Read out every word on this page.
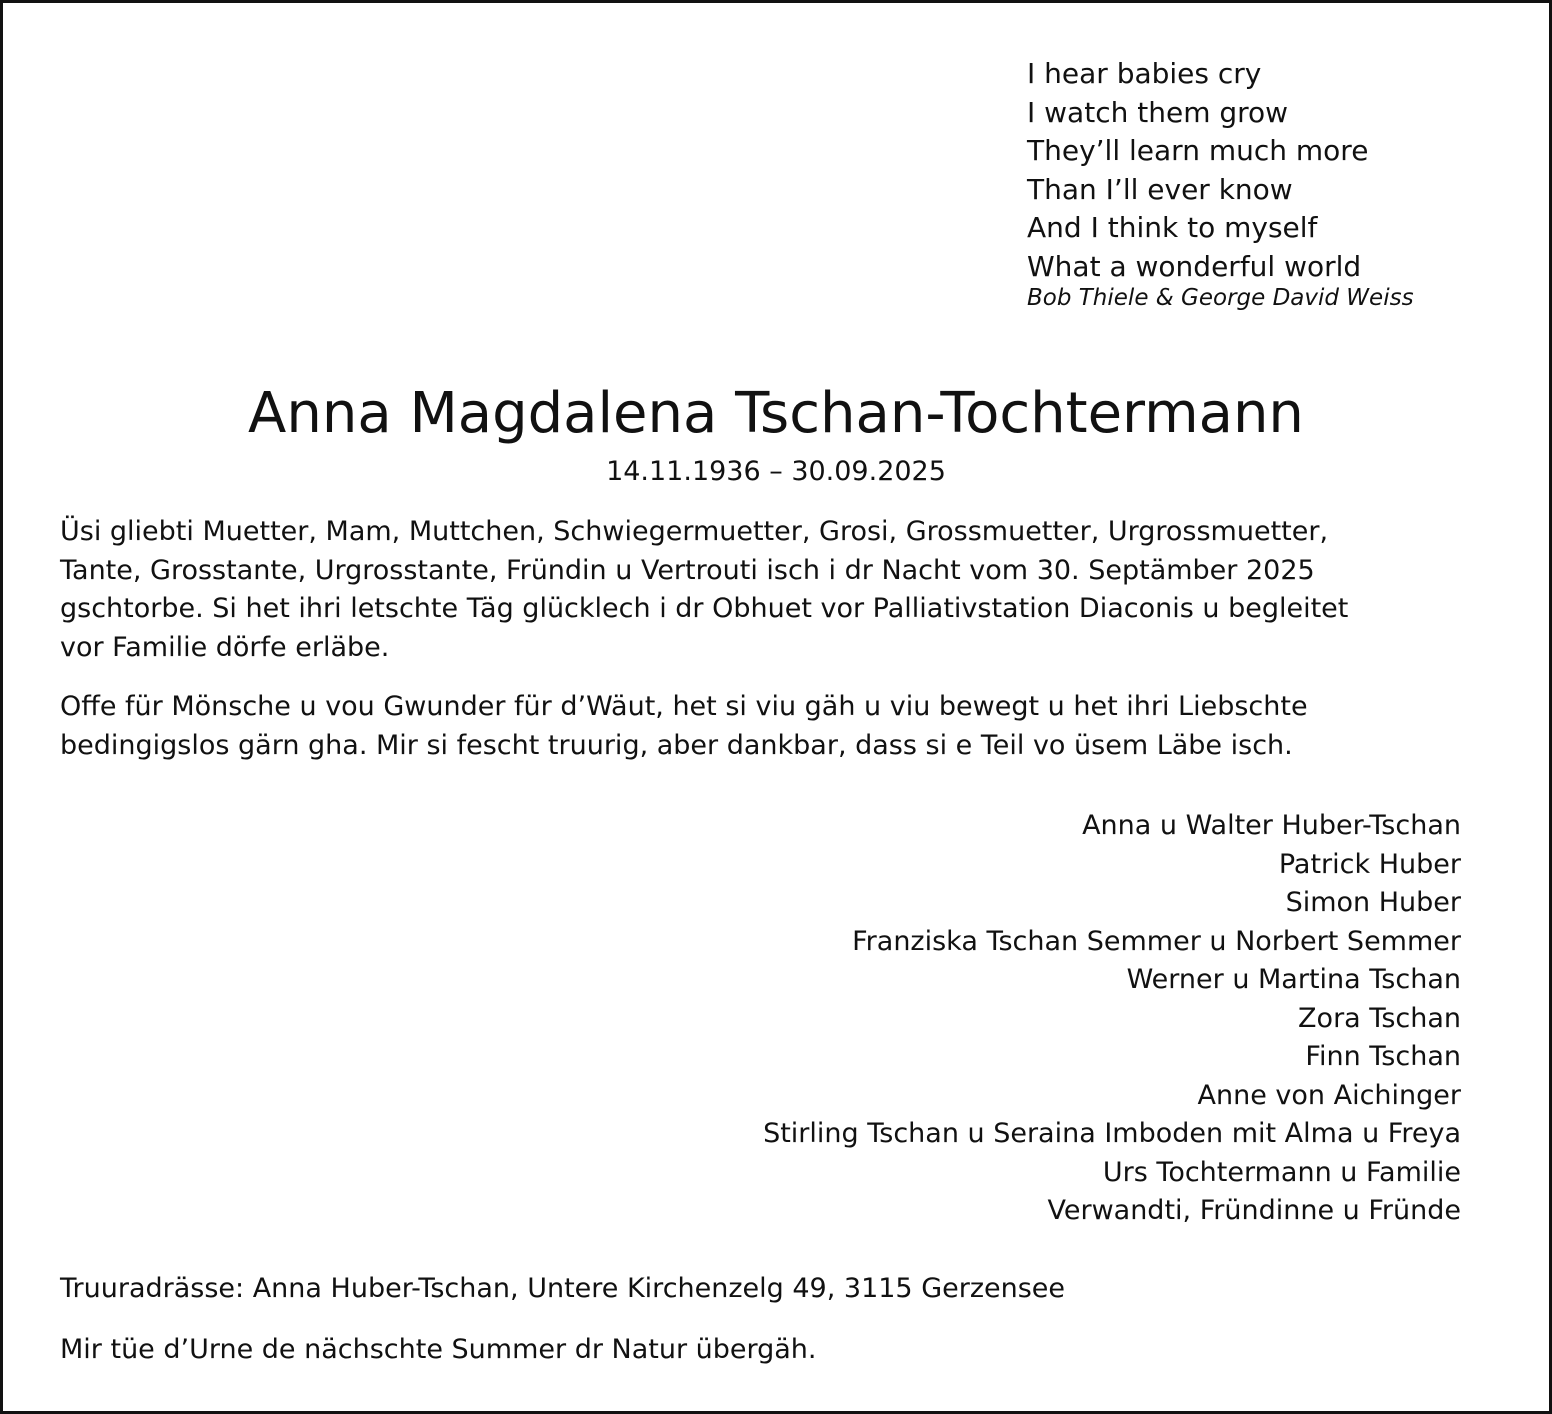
I hear babies cry
I watch them grow
They’ll learn much more
Than I’ll ever know
And I think to myself
What a wonderful world
Bob Thiele & George David Weiss
Anna Magdalena Tschan-Tochtermann
14.11.1936 – 30.09.2025
Üsi gliebti Muetter, Mam, Muttchen, Schwiegermuetter, Grosi, Grossmuetter, Urgrossmuetter,
Tante, Grosstante, Urgrosstante, Fründin u Vertrouti isch i dr Nacht vom 30. Septämber 2025
gschtorbe. Si het ihri letschte Täg glücklech i dr Obhuet vor Palliativstation Diaconis u begleitet
vor Familie dörfe erläbe.
Offe für Mönsche u vou Gwunder für d’Wäut, het si viu gäh u viu bewegt u het ihri Liebschte
bedingigslos gärn gha. Mir si fescht truurig, aber dankbar, dass si e Teil vo üsem Läbe isch.
Anna u Walter Huber-Tschan
Patrick Huber
Simon Huber
Franziska Tschan Semmer u Norbert Semmer
Werner u Martina Tschan
Zora Tschan
Finn Tschan
Anne von Aichinger
Stirling Tschan u Seraina Imboden mit Alma u Freya
Urs Tochtermann u Familie
Verwandti, Fründinne u Fründe
Truuradrässe: Anna Huber-Tschan, Untere Kirchenzelg 49, 3115 Gerzensee
Mir tüe d’Urne de nächschte Summer dr Natur übergäh.
